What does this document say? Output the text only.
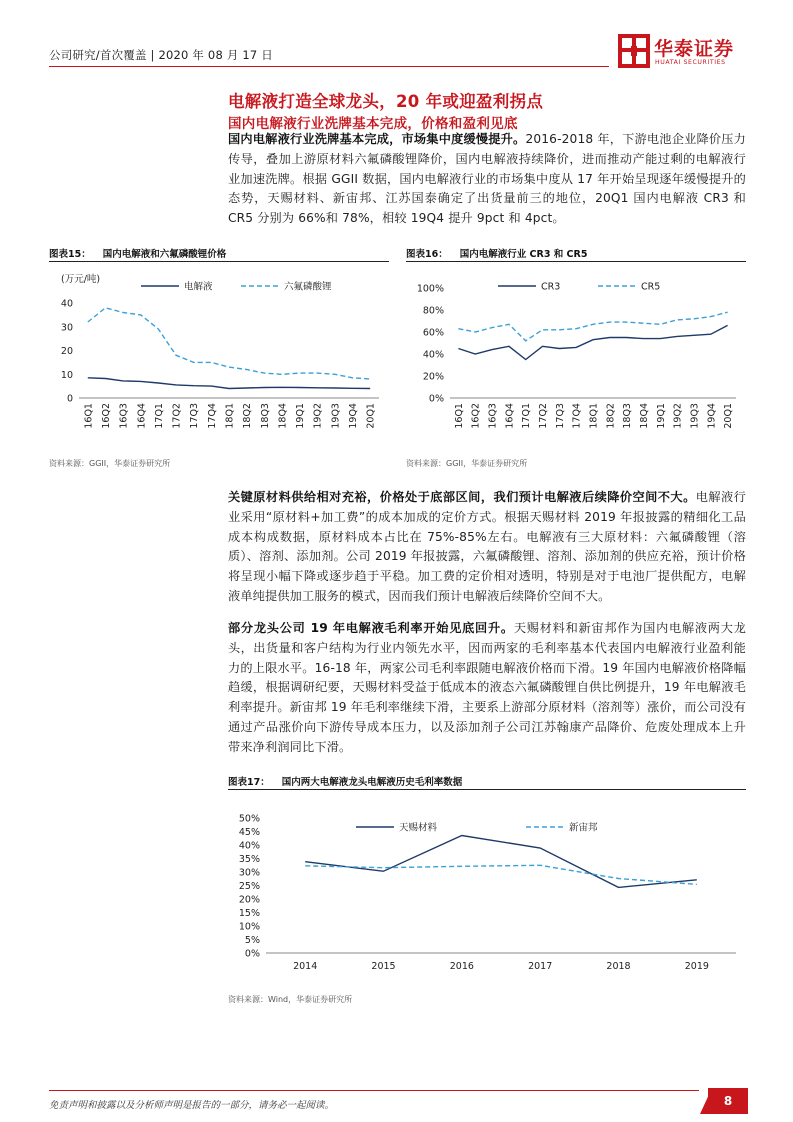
公司研究/首次覆盖 | 2020 年 08 月 17 日	华泰证券
HUATAI SECURITIES
电解液打造全球龙头，20 年或迎盈利拐点
国内电解液行业洗牌基本完成，价格和盈利见底
国内电解液行业洗牌基本完成，市场集中度缓慢提升。2016-2018 年，下游电池企业降价压力传导，叠加上游原材料六氟磷酸锂降价，国内电解液持续降价，进而推动产能过剩的电解液行业加速洗牌。根据 GGII 数据，国内电解液行业的市场集中度从 17 年开始呈现逐年缓慢提升的态势，天赐材料、新宙邦、江苏国泰确定了出货量前三的地位，20Q1 国内电解液 CR3 和 CR5 分别为 66%和 78%，相较 19Q4 提升 9pct 和 4pct。
图表15： 国内电解液和六氟磷酸锂价格
0
10
20
30
40
16Q1 16Q2 16Q3 16Q4 17Q1 17Q2 17Q3 17Q4 18Q1 18Q2 18Q3 18Q4 19Q1 19Q2 19Q3 19Q4 20Q1
电解液	六氟磷酸锂
(万元/吨)
资料来源：GGII，华泰证券研究所
图表16： 国内电解液行业 CR3 和 CR5
0%
20%
40%
60%
80%
100%
16Q1 16Q2 16Q3 16Q4 17Q1 17Q2 17Q3 17Q4 18Q1 18Q2 18Q3 18Q4 19Q1 19Q2 19Q3 19Q4 20Q1
CR3	CR5
资料来源：GGII，华泰证券研究所
关键原材料供给相对充裕，价格处于底部区间，我们预计电解液后续降价空间不大。电解液行业采用“原材料+加工费”的成本加成的定价方式。根据天赐材料 2019 年报披露的精细化工品成本构成数据，原材料成本占比在 75%-85%左右。电解液有三大原材料：六氟磷酸锂（溶质）、溶剂、添加剂。公司 2019 年报披露，六氟磷酸锂、溶剂、添加剂的供应充裕，预计价格将呈现小幅下降或逐步趋于平稳。加工费的定价相对透明，特别是对于电池厂提供配方，电解液单纯提供加工服务的模式，因而我们预计电解液后续降价空间不大。
部分龙头公司 19 年电解液毛利率开始见底回升。天赐材料和新宙邦作为国内电解液两大龙头，出货量和客户结构为行业内领先水平，因而两家的毛利率基本代表国内电解液行业盈利能力的上限水平。16-18 年，两家公司毛利率跟随电解液价格而下滑。19 年国内电解液价格降幅趋缓，根据调研纪要，天赐材料受益于低成本的液态六氟磷酸锂自供比例提升，19 年电解液毛利率提升。新宙邦 19 年毛利率继续下滑，主要系上游部分原材料（溶剂等）涨价，而公司没有通过产品涨价向下游传导成本压力，以及添加剂子公司江苏翰康产品降价、危废处理成本上升带来净利润同比下滑。
图表17： 国内两大电解液龙头电解液历史毛利率数据
0%
5%
10%
15%
20%
25%
30%
35%
40%
45%
50%
2014	2015	2016	2017	2018	2019
天赐材料	新宙邦
资料来源：Wind，华泰证券研究所
免责声明和披露以及分析师声明是报告的一部分，请务必一起阅读。	8
